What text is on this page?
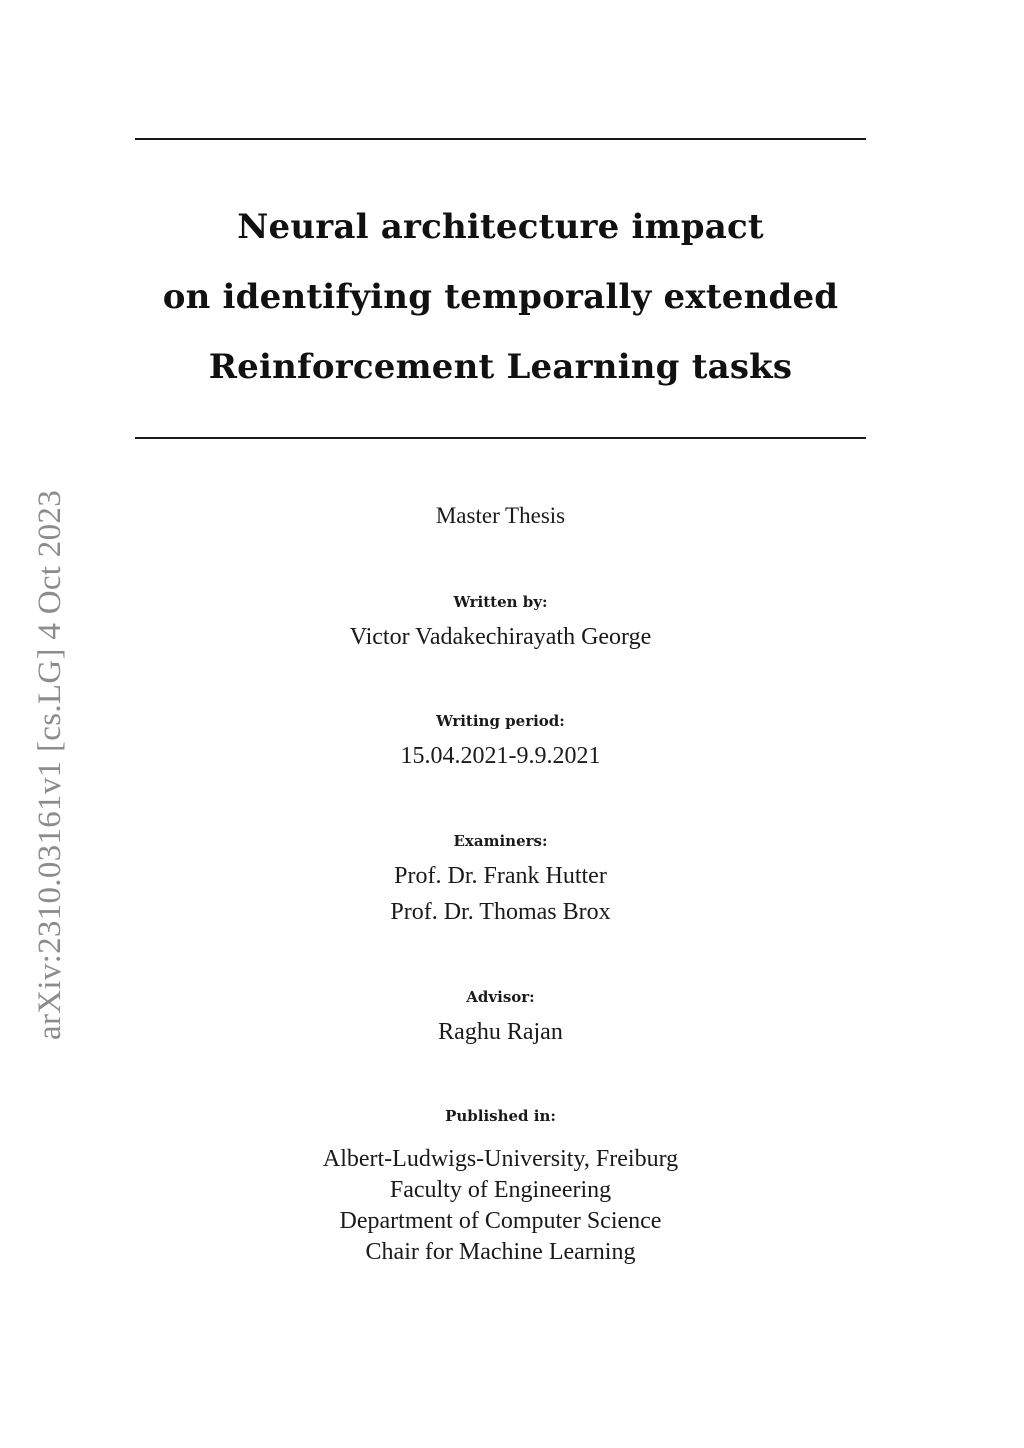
arXiv:2310.03161v1 [cs.LG] 4 Oct 2023
Neural architecture impact
on identifying temporally extended
Reinforcement Learning tasks
Master Thesis
Written by:
Victor Vadakechirayath George
Writing period:
15.04.2021-9.9.2021
Examiners:
Prof. Dr. Frank Hutter
Prof. Dr. Thomas Brox
Advisor:
Raghu Rajan
Published in:
Albert-Ludwigs-University, Freiburg
Faculty of Engineering
Department of Computer Science
Chair for Machine Learning
